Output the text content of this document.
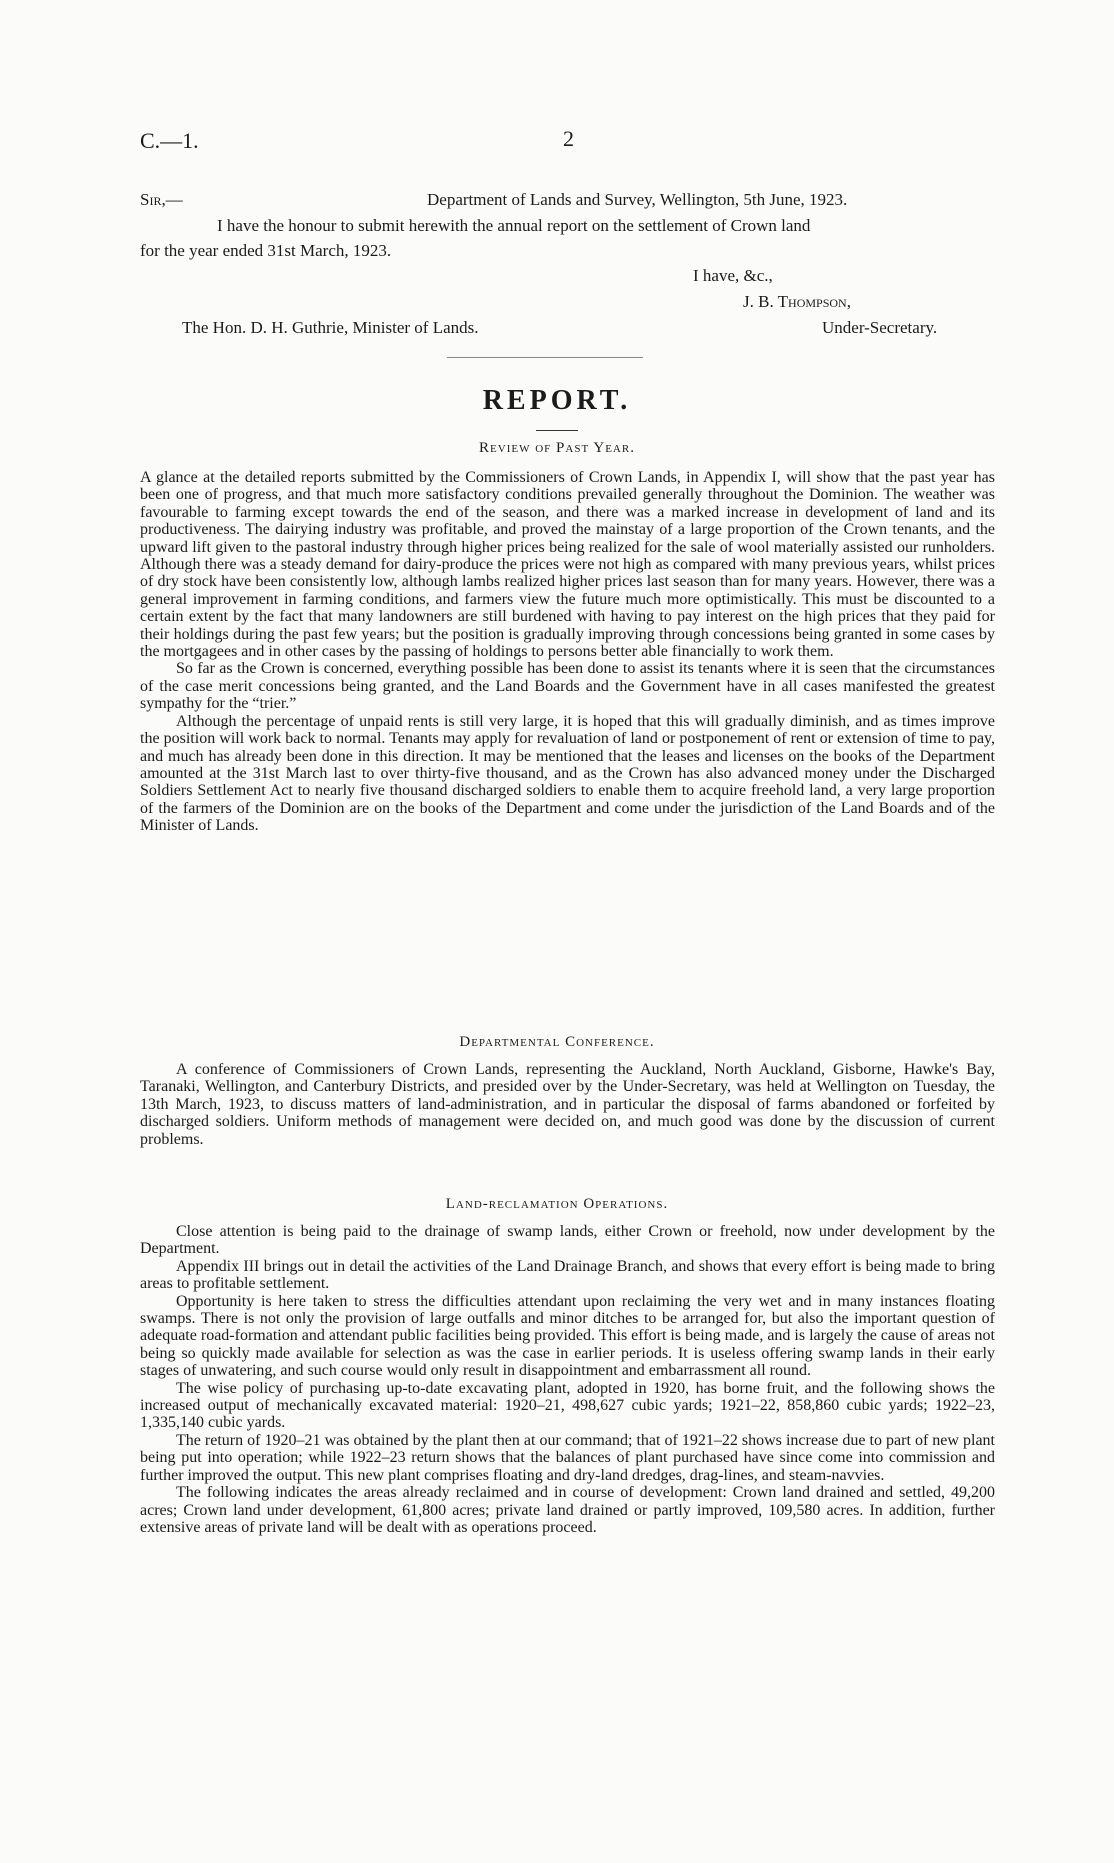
C.—1.	2
Sir,—	Department of Lands and Survey, Wellington, 5th June, 1923.
I have the honour to submit herewith the annual report on the settlement of Crown land
for the year ended 31st March, 1923.
I have, &c.,
J. B. Thompson,
Under-Secretary.
The Hon. D. H. Guthrie, Minister of Lands.
REPORT.
Review of Past Year.

A glance at the detailed reports submitted by the Commissioners of Crown Lands, in Appendix I, will show that the past year has been one of progress, and that much more satisfactory conditions prevailed generally throughout the Dominion. The weather was favourable to farming except towards the end of the season, and there was a marked increase in development of land and its productiveness. The dairying industry was profitable, and proved the mainstay of a large proportion of the Crown tenants, and the upward lift given to the pastoral industry through higher prices being realized for the sale of wool materially assisted our runholders. Although there was a steady demand for dairy-produce the prices were not high as compared with many previous years, whilst prices of dry stock have been consistently low, although lambs realized higher prices last season than for many years. However, there was a general improvement in farming conditions, and farmers view the future much more optimistically. This must be discounted to a certain extent by the fact that many landowners are still burdened with having to pay interest on the high prices that they paid for their holdings during the past few years; but the position is gradually improving through concessions being granted in some cases by the mortgagees and in other cases by the passing of holdings to persons better able financially to work them.

So far as the Crown is concerned, everything possible has been done to assist its tenants where it is seen that the circumstances of the case merit concessions being granted, and the Land Boards and the Government have in all cases manifested the greatest sympathy for the “trier.”

Although the percentage of unpaid rents is still very large, it is hoped that this will gradually diminish, and as times improve the position will work back to normal. Tenants may apply for revaluation of land or postponement of rent or extension of time to pay, and much has already been done in this direction. It may be mentioned that the leases and licenses on the books of the Department amounted at the 31st March last to over thirty-five thousand, and as the Crown has also advanced money under the Discharged Soldiers Settlement Act to nearly five thousand discharged soldiers to enable them to acquire freehold land, a very large proportion of the farmers of the Dominion are on the books of the Department and come under the jurisdiction of the Land Boards and of the Minister of Lands.

Departmental Conference.

A conference of Commissioners of Crown Lands, representing the Auckland, North Auckland, Gisborne, Hawke's Bay, Taranaki, Wellington, and Canterbury Districts, and presided over by the Under-Secretary, was held at Wellington on Tuesday, the 13th March, 1923, to discuss matters of land-administration, and in particular the disposal of farms abandoned or forfeited by discharged soldiers. Uniform methods of management were decided on, and much good was done by the discussion of current problems.

Land-reclamation Operations.

Close attention is being paid to the drainage of swamp lands, either Crown or freehold, now under development by the Department.

Appendix III brings out in detail the activities of the Land Drainage Branch, and shows that every effort is being made to bring areas to profitable settlement.

Opportunity is here taken to stress the difficulties attendant upon reclaiming the very wet and in many instances floating swamps. There is not only the provision of large outfalls and minor ditches to be arranged for, but also the important question of adequate road-formation and attendant public facilities being provided. This effort is being made, and is largely the cause of areas not being so quickly made available for selection as was the case in earlier periods. It is useless offering swamp lands in their early stages of unwatering, and such course would only result in disappointment and embarrassment all round.

The wise policy of purchasing up-to-date excavating plant, adopted in 1920, has borne fruit, and the following shows the increased output of mechanically excavated material: 1920–21, 498,627 cubic yards; 1921–22, 858,860 cubic yards; 1922–23, 1,335,140 cubic yards.

The return of 1920–21 was obtained by the plant then at our command; that of 1921–22 shows increase due to part of new plant being put into operation; while 1922–23 return shows that the balances of plant purchased have since come into commission and further improved the output. This new plant comprises floating and dry-land dredges, drag-lines, and steam-navvies.

The following indicates the areas already reclaimed and in course of development: Crown land drained and settled, 49,200 acres; Crown land under development, 61,800 acres; private land drained or partly improved, 109,580 acres. In addition, further extensive areas of private land will be dealt with as operations proceed.
